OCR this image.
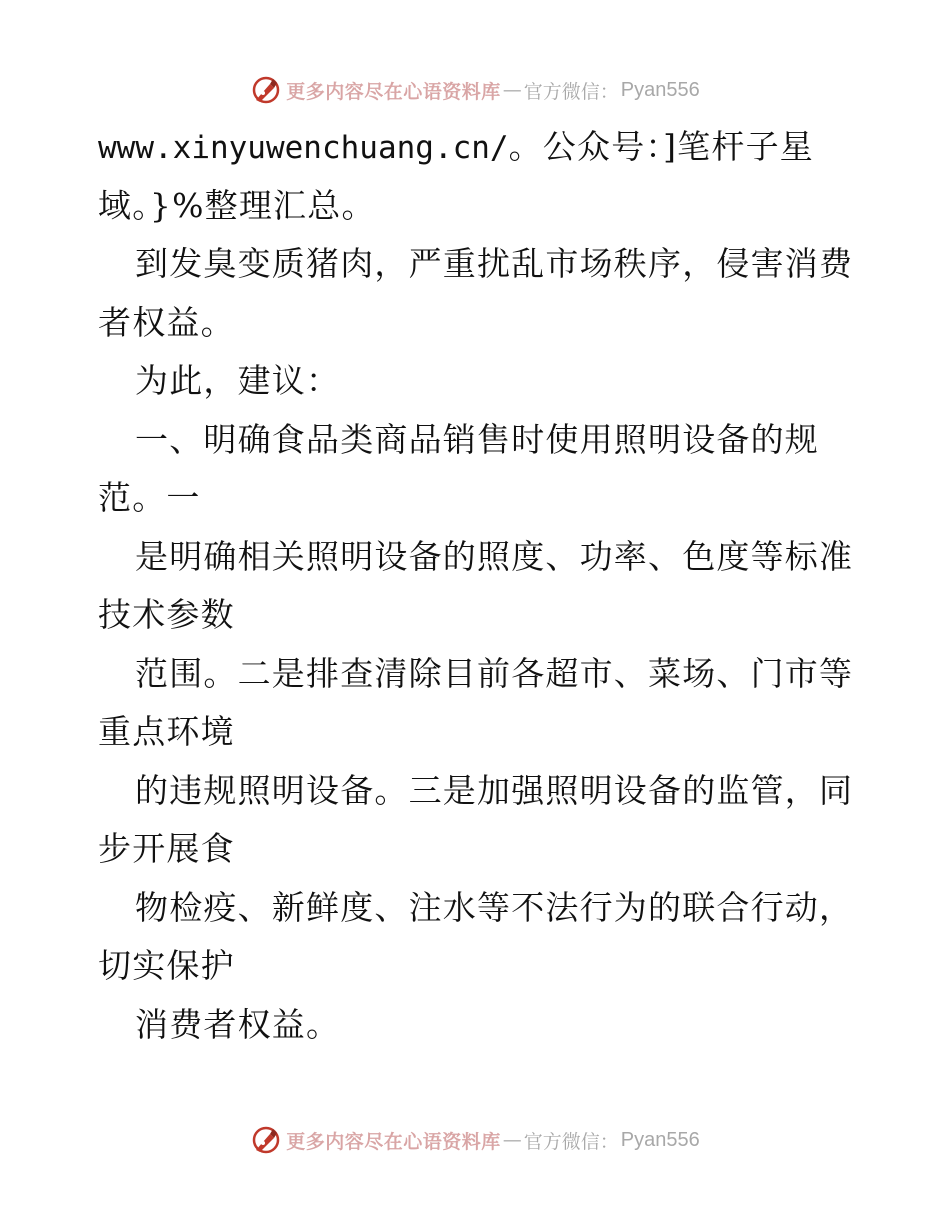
更多内容尽在心语资料库 — 官方微信： Pyan556
www.xinyuwenchuang.cn/。公众号：]笔杆子星
域。}%整理汇总。
到发臭变质猪肉，严重扰乱市场秩序，侵害消费
者权益。
为此，建议：
一、明确食品类商品销售时使用照明设备的规
范。一
是明确相关照明设备的照度、功率、色度等标准
技术参数
范围。二是排查清除目前各超市、菜场、门市等
重点环境
的违规照明设备。三是加强照明设备的监管，同
步开展食
物检疫、新鲜度、注水等不法行为的联合行动，
切实保护
消费者权益。
更多内容尽在心语资料库 — 官方微信： Pyan556
